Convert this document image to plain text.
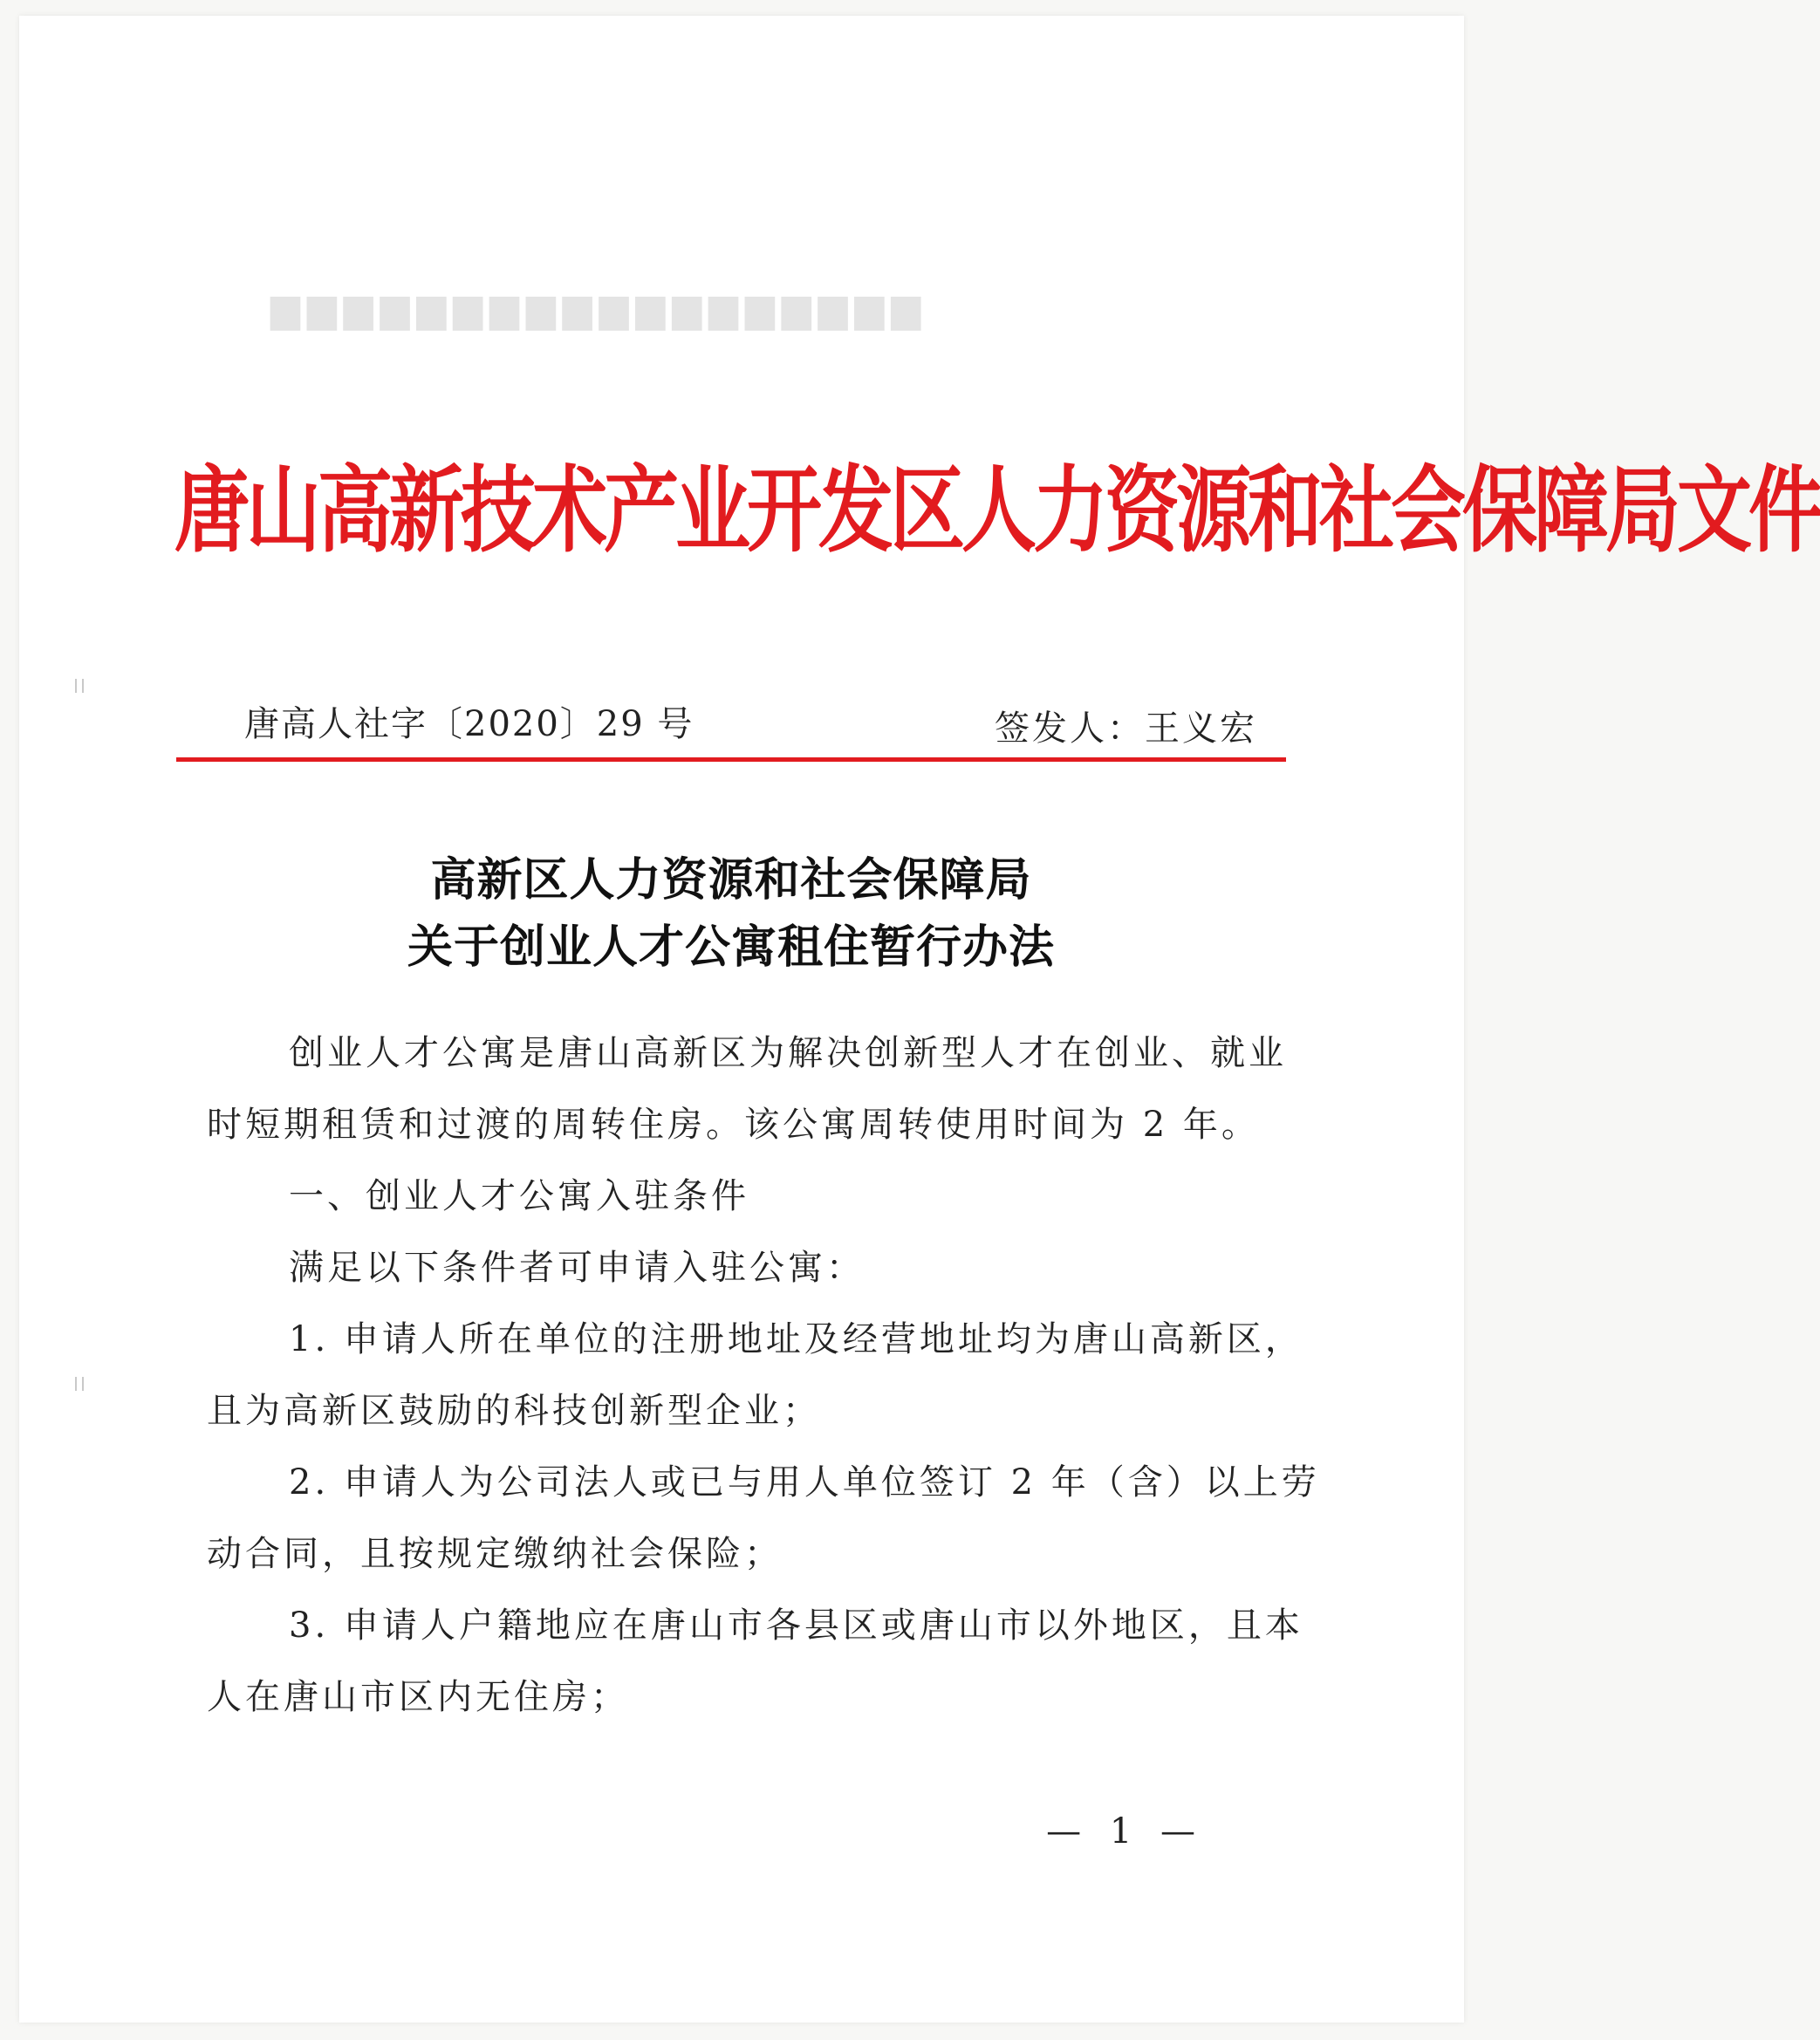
▆▆▆▆▆▆▆▆▆▆▆▆▆▆▆▆▆▆
唐山高新技术产业开发区人力资源和社会保障局文件
唐高人社字〔2020〕29 号	签发人：王义宏
高新区人力资源和社会保障局
关于创业人才公寓租住暂行办法
创业人才公寓是唐山高新区为解决创新型人才在创业、就业
时短期租赁和过渡的周转住房。该公寓周转使用时间为 2 年。
一、创业人才公寓入驻条件
满足以下条件者可申请入驻公寓：
1. 申请人所在单位的注册地址及经营地址均为唐山高新区，
且为高新区鼓励的科技创新型企业；
2. 申请人为公司法人或已与用人单位签订 2 年（含）以上劳
动合同，且按规定缴纳社会保险；
3. 申请人户籍地应在唐山市各县区或唐山市以外地区，且本
人在唐山市区内无住房；
— 1 —
